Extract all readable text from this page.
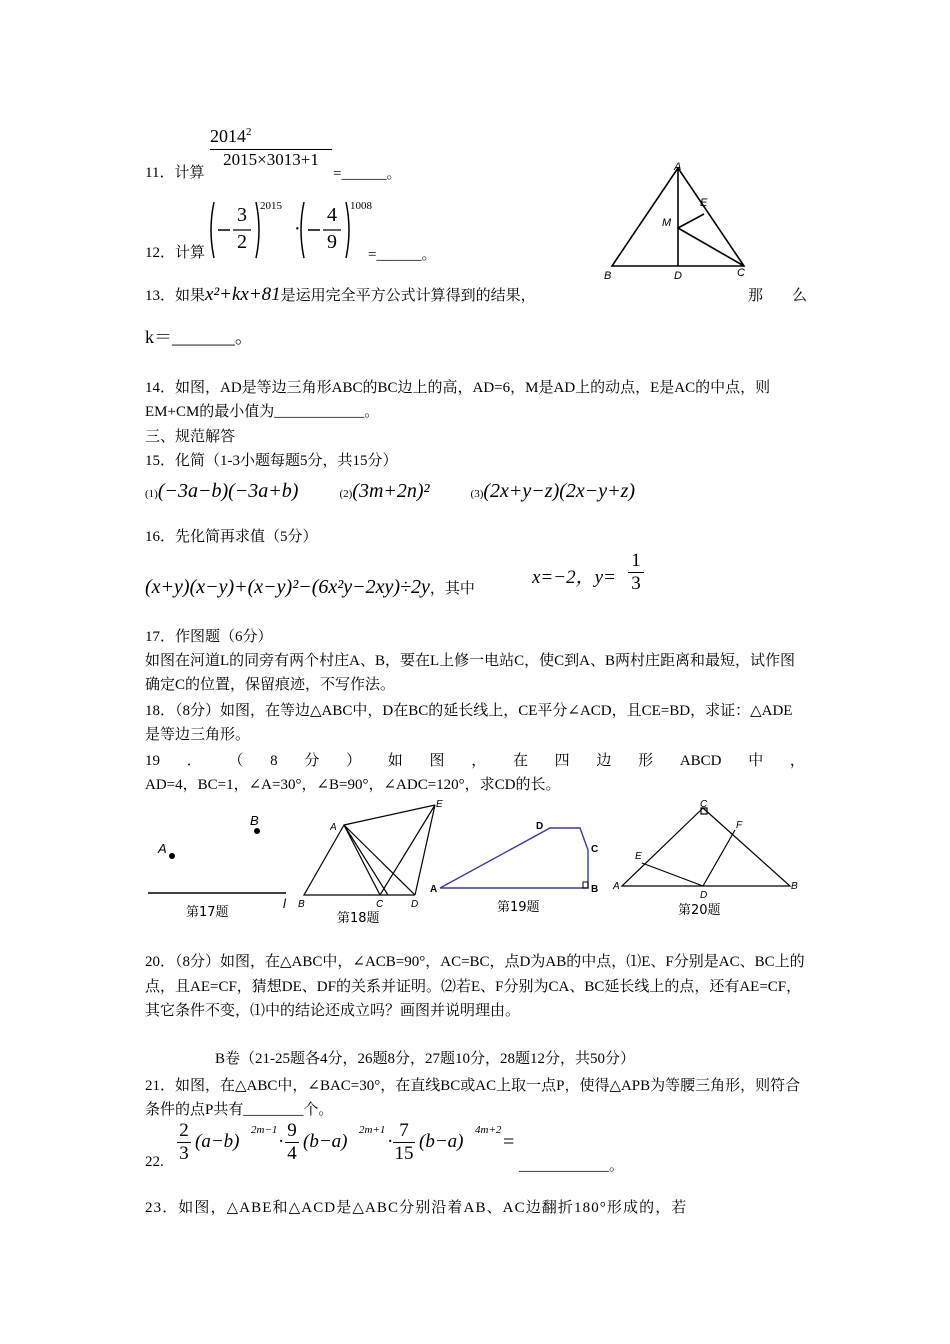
2014$^2$
2015×3013+1
11．计算	=______。
12．计算
3
2
2015
·
4
9
1008
=______。
13．如果x²+kx+81是运用完全平方公式计算得到的结果，	那 么
k＝_______。
A
B	C
D
E
M
14．如图，AD是等边三角形ABC的BC边上的高，AD=6，M是AD上的动点，E是AC的中点，则EM+CM的最小值为____________。
三、规范解答
15．化简（1-3小题每题5分，共15分）
(1)(−3a−b)(−3a+b)	(2)(3m+2n)²	(3)(2x+y−z)(2x−y+z)
16．先化简再求值（5分）
(x+y)(x−y)+(x−y)²−(6x²y−2xy)÷2y，其中
x=−2，$y= \frac{1}{3}$
17．作图题（6分）
如图在河道L的同旁有两个村庄A、B，要在L上修一电站C，使C到A、B两村庄距离和最短，试作图确定C的位置，保留痕迹，不写作法。
18．（8分）如图，在等边△ABC中，D在BC的延长线上，CE平分∠ACD，且CE=BD，求证：△ADE是等边三角形。
19 ． （ 8 分 ） 如 图 ， 在 四 边 形 ABCD 中 ，
AD=4，BC=1，∠A=30°，∠B=90°，∠ADC=120°，求CD的长。
A
B
l
A
B	C	D
E
A	B
C
D
C
A	B
D
E
F
第17题	第18题
第19题	第20题
20．（8分）如图，在△ABC中，∠ACB=90°，AC=BC，点D为AB的中点，⑴E、F分别是AC、BC上的点，且AE=CF，猜想DE、DF的关系并证明。⑵若E、F分别为CA、BC延长线上的点，还有AE=CF，其它条件不变，⑴中的结论还成立吗？画图并说明理由。
B卷（21-25题各4分，26题8分，27题10分，28题12分，共50分）
21．如图，在△ABC中，∠BAC=30°，在直线BC或AC上取一点P，使得△APB为等腰三角形，则符合条件的点P共有________个。
22.
2
3
(a−b)
2m−1
·
9
4
(b−a)
2m+1
·
7
15
(b−a)
4m+2
=
____________。
23．如图，△ABE和△ACD是△ABC分别沿着AB、AC边翻折180°形成的，若
